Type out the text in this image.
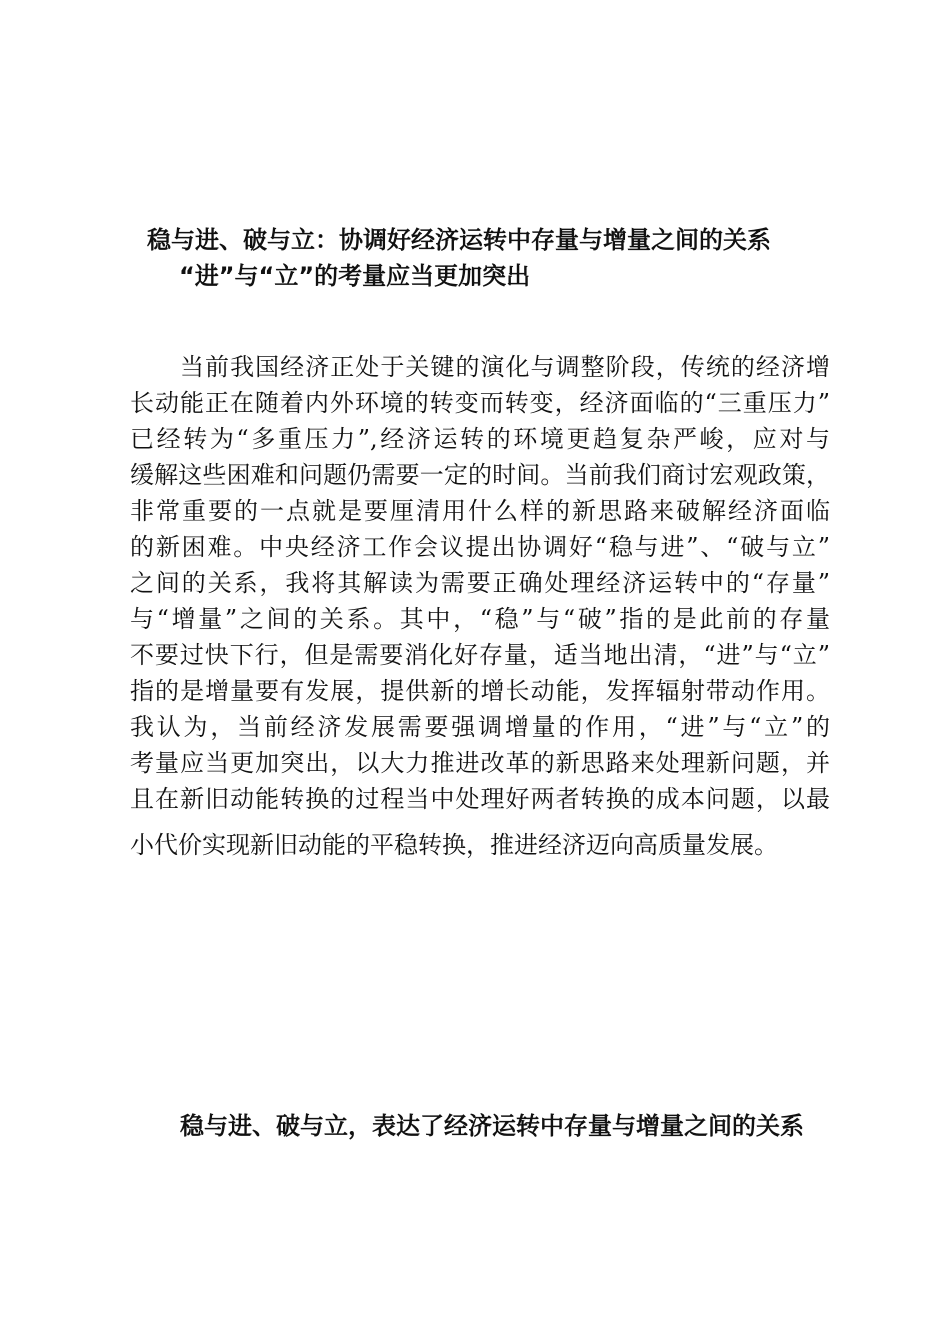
稳与进、破与立：协调好经济运转中存量与增量之间的关系
“进”与“立”的考量应当更加突出
当前我国经济正处于关键的演化与调整阶段，传统的经济增
长动能正在随着内外环境的转变而转变，经济面临的“三重压力”
已经转为“多重压力”,经济运转的环境更趋复杂严峻，应对与
缓解这些困难和问题仍需要一定的时间。当前我们商讨宏观政策，
非常重要的一点就是要厘清用什么样的新思路来破解经济面临
的新困难。中央经济工作会议提出协调好“稳与进”、“破与立”
之间的关系，我将其解读为需要正确处理经济运转中的“存量”
与“增量”之间的关系。其中，“稳”与“破”指的是此前的存量
不要过快下行，但是需要消化好存量，适当地出清，“进”与“立”
指的是增量要有发展，提供新的增长动能，发挥辐射带动作用。
我认为，当前经济发展需要强调增量的作用，“进”与“立”的
考量应当更加突出，以大力推进改革的新思路来处理新问题，并
且在新旧动能转换的过程当中处理好两者转换的成本问题，以最
小代价实现新旧动能的平稳转换，推进经济迈向高质量发展。
稳与进、破与立，表达了经济运转中存量与增量之间的关系
